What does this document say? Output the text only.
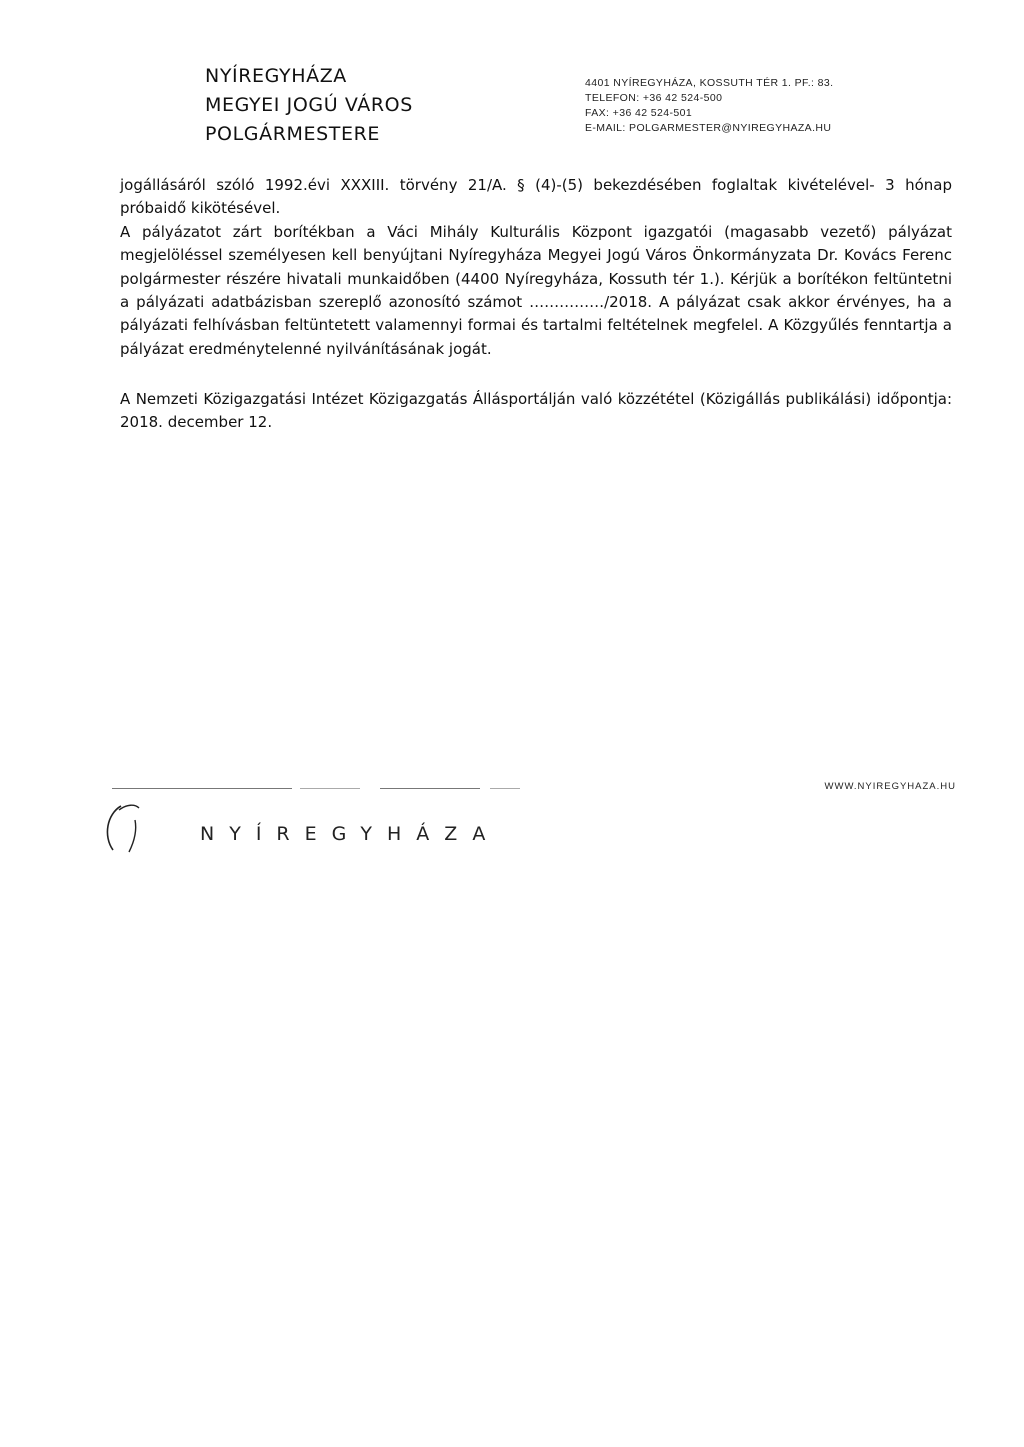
NYÍREGYHÁZA
MEGYEI JOGÚ VÁROS
POLGÁRMESTERE
4401 NYÍREGYHÁZA, KOSSUTH TÉR 1. PF.: 83.
TELEFON: +36 42 524-500
FAX: +36 42 524-501
E-MAIL: POLGARMESTER@NYIREGYHAZA.HU

jogállásáról szóló 1992.évi XXXIII. törvény 21/A. § (4)-(5) bekezdésében foglaltak kivételével- 3 hónap próbaidő kikötésével.

A pályázatot zárt borítékban a Váci Mihály Kulturális Központ igazgatói (magasabb vezető) pályázat megjelöléssel személyesen kell benyújtani Nyíregyháza Megyei Jogú Város Önkormányzata Dr. Kovács Ferenc polgármester részére hivatali munkaidőben (4400 Nyíregyháza, Kossuth tér 1.). Kérjük a borítékon feltüntetni a pályázati adatbázisban szereplő azonosító számot ……………/2018. A pályázat csak akkor érvényes, ha a pályázati felhívásban feltüntetett valamennyi formai és tartalmi feltételnek megfelel. A Közgyűlés fenntartja a pályázat eredménytelenné nyilvánításának jogát.

A Nemzeti Közigazgatási Intézet Közigazgatás Állásportálján való közzététel (Közigállás publikálási) időpontja: 2018. december 12.
WWW.NYIREGYHAZA.HU
NYÍREGYHÁZA
